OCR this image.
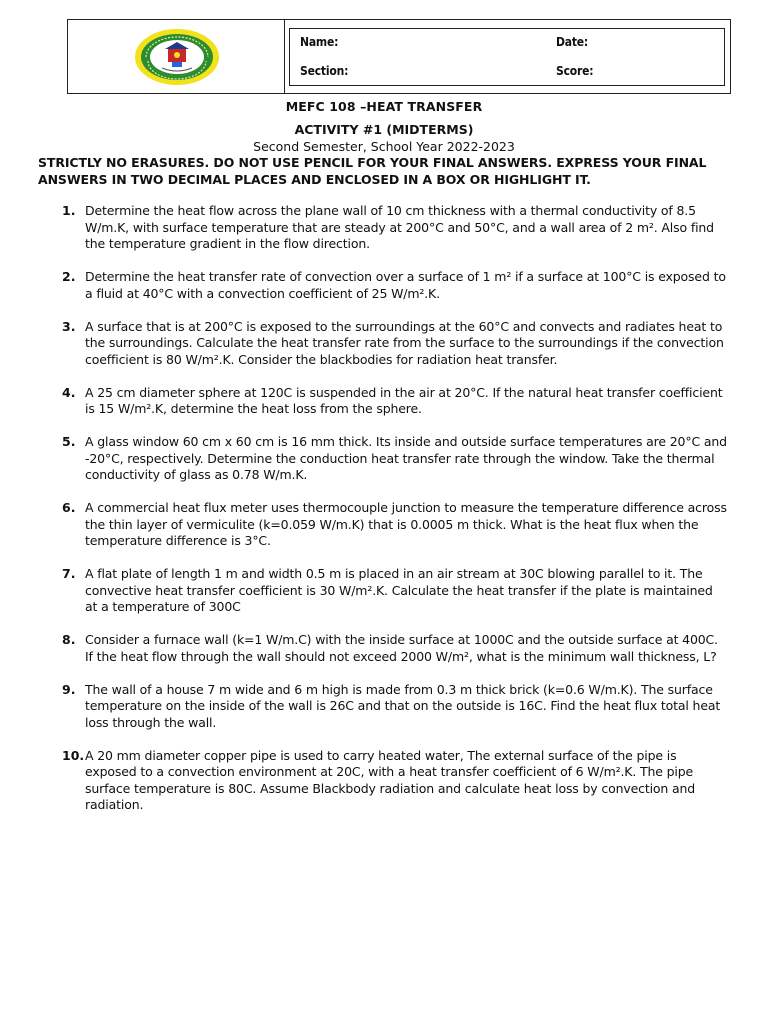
Name:	Date:
Section:	Score:
MEFC 108 –HEAT TRANSFER
ACTIVITY #1 (MIDTERMS)
Second Semester, School Year 2022-2023
STRICTLY NO ERASURES. DO NOT USE PENCIL FOR YOUR FINAL ANSWERS. EXPRESS YOUR FINAL ANSWERS IN TWO DECIMAL PLACES AND ENCLOSED IN A BOX OR HIGHLIGHT IT.
1. Determine the heat flow across the plane wall of 10 cm thickness with a thermal conductivity of 8.5 W/m.K, with surface temperature that are steady at 200°C and 50°C, and a wall area of 2 m². Also find the temperature gradient in the flow direction.
2. Determine the heat transfer rate of convection over a surface of 1 m² if a surface at 100°C is exposed to a fluid at 40°C with a convection coefficient of 25 W/m².K.
3. A surface that is at 200°C is exposed to the surroundings at the 60°C and convects and radiates heat to the surroundings. Calculate the heat transfer rate from the surface to the surroundings if the convection coefficient is 80 W/m².K. Consider the blackbodies for radiation heat transfer.
4. A 25 cm diameter sphere at 120C is suspended in the air at 20°C. If the natural heat transfer coefficient is 15 W/m².K, determine the heat loss from the sphere.
5. A glass window 60 cm x 60 cm is 16 mm thick. Its inside and outside surface temperatures are 20°C and -20°C, respectively. Determine the conduction heat transfer rate through the window. Take the thermal conductivity of glass as 0.78 W/m.K.
6. A commercial heat flux meter uses thermocouple junction to measure the temperature difference across the thin layer of vermiculite (k=0.059 W/m.K) that is 0.0005 m thick. What is the heat flux when the temperature difference is 3°C.
7. A flat plate of length 1 m and width 0.5 m is placed in an air stream at 30C blowing parallel to it. The convective heat transfer coefficient is 30 W/m².K. Calculate the heat transfer if the plate is maintained at a temperature of 300C
8. Consider a furnace wall (k=1 W/m.C) with the inside surface at 1000C and the outside surface at 400C. If the heat flow through the wall should not exceed 2000 W/m², what is the minimum wall thickness, L?
9. The wall of a house 7 m wide and 6 m high is made from 0.3 m thick brick (k=0.6 W/m.K). The surface temperature on the inside of the wall is 26C and that on the outside is 16C. Find the heat flux total heat loss through the wall.
10. A 20 mm diameter copper pipe is used to carry heated water, The external surface of the pipe is exposed to a convection environment at 20C, with a heat transfer coefficient of 6 W/m².K. The pipe surface temperature is 80C. Assume Blackbody radiation and calculate heat loss by convection and radiation.
